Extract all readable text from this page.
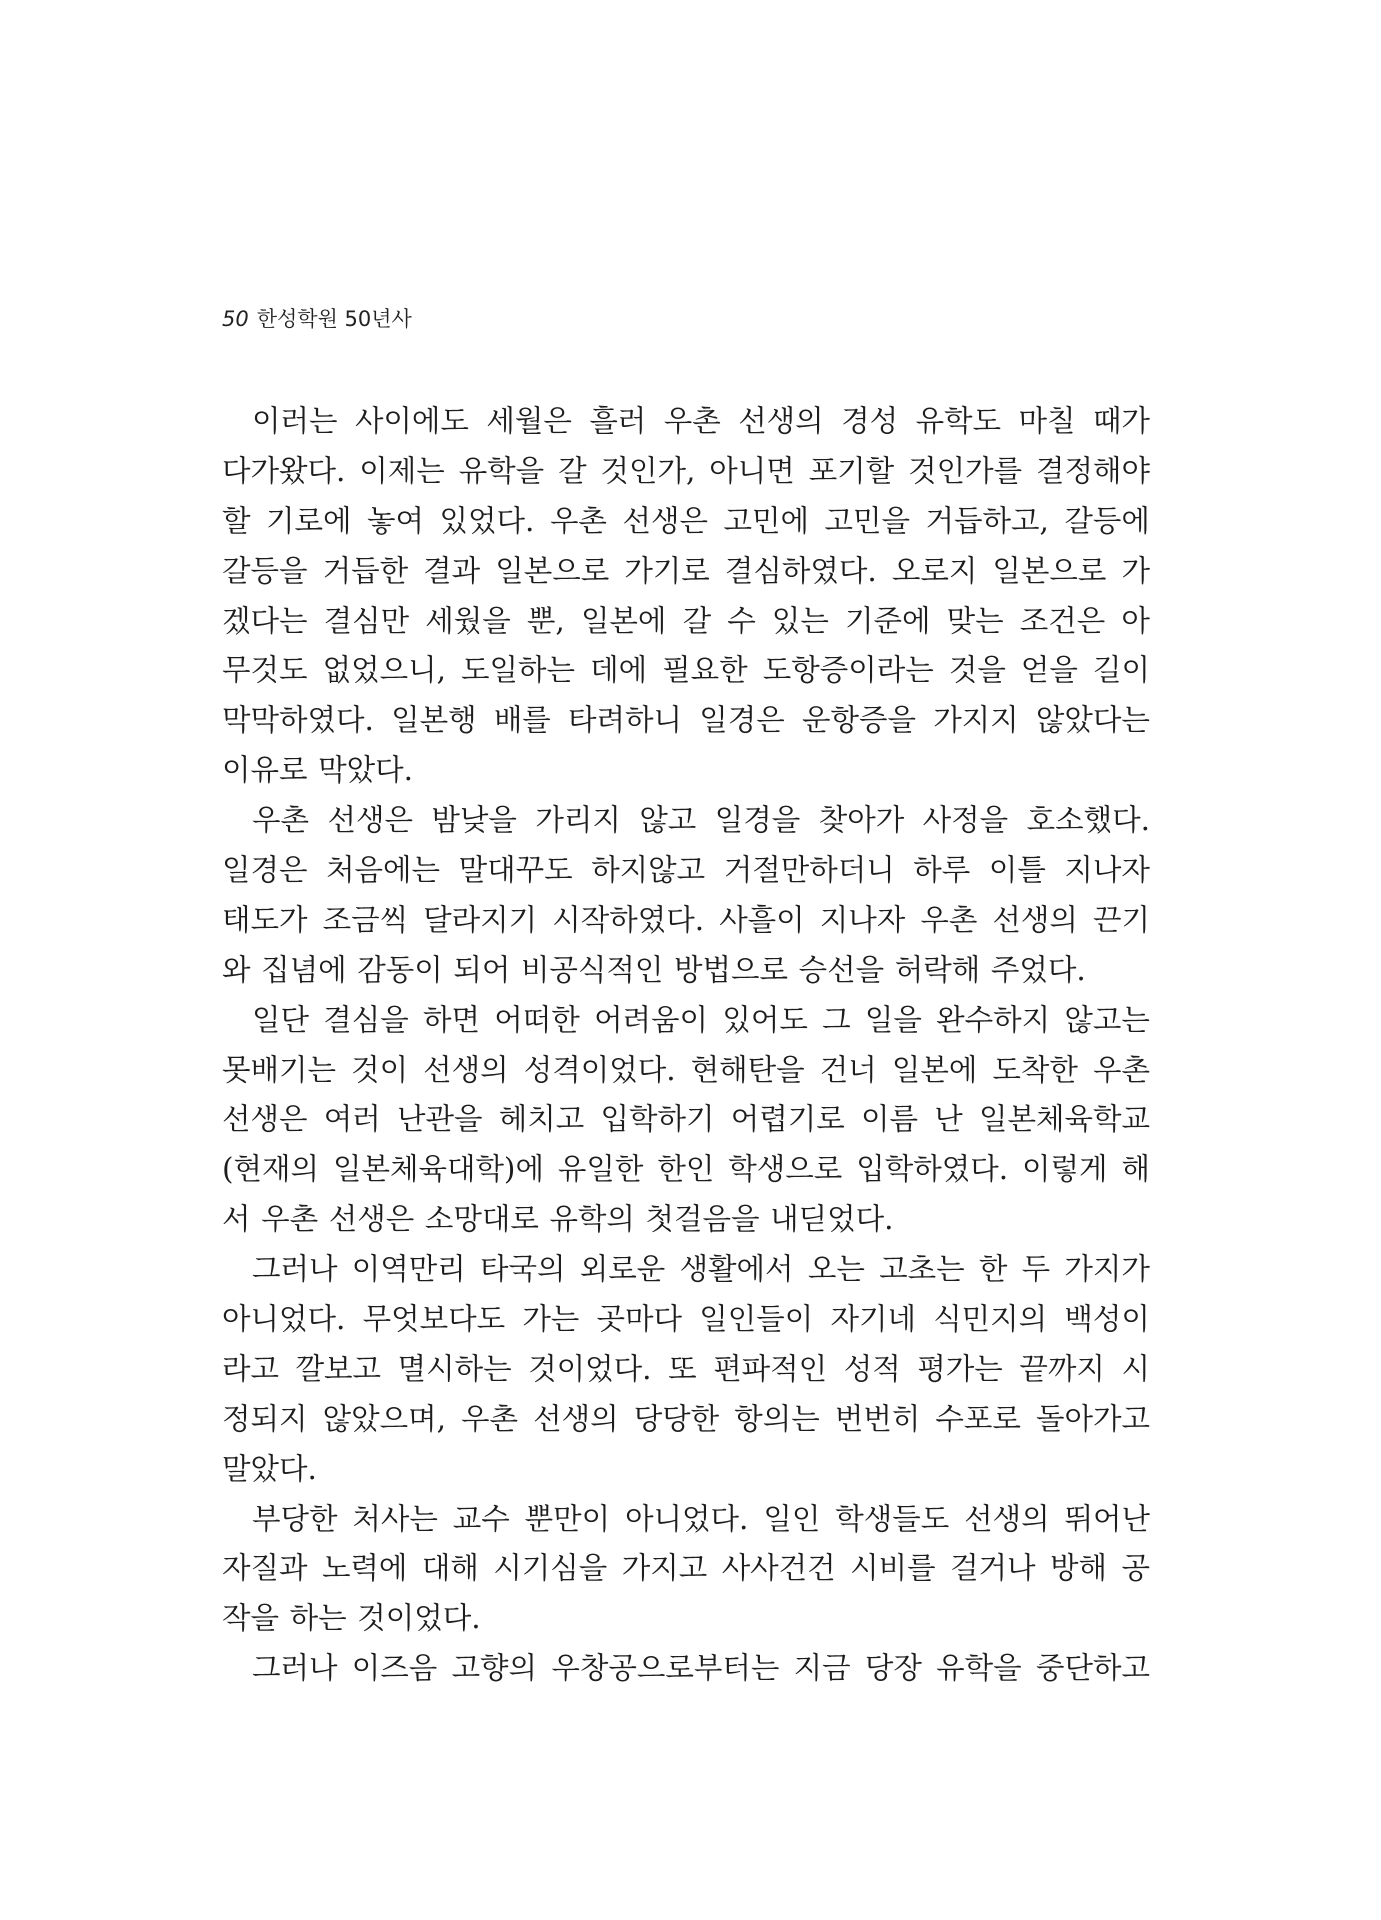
50 한성학원 50년사
이러는 사이에도 세월은 흘러 우촌 선생의 경성 유학도 마칠 때가
다가왔다. 이제는 유학을 갈 것인가, 아니면 포기할 것인가를 결정해야
할 기로에 놓여 있었다. 우촌 선생은 고민에 고민을 거듭하고, 갈등에
갈등을 거듭한 결과 일본으로 가기로 결심하였다. 오로지 일본으로 가
겠다는 결심만 세웠을 뿐, 일본에 갈 수 있는 기준에 맞는 조건은 아
무것도 없었으니, 도일하는 데에 필요한 도항증이라는 것을 얻을 길이
막막하였다. 일본행 배를 타려하니 일경은 운항증을 가지지 않았다는
이유로 막았다.
우촌 선생은 밤낮을 가리지 않고 일경을 찾아가 사정을 호소했다.
일경은 처음에는 말대꾸도 하지않고 거절만하더니 하루 이틀 지나자
태도가 조금씩 달라지기 시작하였다. 사흘이 지나자 우촌 선생의 끈기
와 집념에 감동이 되어 비공식적인 방법으로 승선을 허락해 주었다.
일단 결심을 하면 어떠한 어려움이 있어도 그 일을 완수하지 않고는
못배기는 것이 선생의 성격이었다. 현해탄을 건너 일본에 도착한 우촌
선생은 여러 난관을 헤치고 입학하기 어렵기로 이름 난 일본체육학교
(현재의 일본체육대학)에 유일한 한인 학생으로 입학하였다. 이렇게 해
서 우촌 선생은 소망대로 유학의 첫걸음을 내딛었다.
그러나 이역만리 타국의 외로운 생활에서 오는 고초는 한 두 가지가
아니었다. 무엇보다도 가는 곳마다 일인들이 자기네 식민지의 백성이
라고 깔보고 멸시하는 것이었다. 또 편파적인 성적 평가는 끝까지 시
정되지 않았으며, 우촌 선생의 당당한 항의는 번번히 수포로 돌아가고
말았다.
부당한 처사는 교수 뿐만이 아니었다. 일인 학생들도 선생의 뛰어난
자질과 노력에 대해 시기심을 가지고 사사건건 시비를 걸거나 방해 공
작을 하는 것이었다.
그러나 이즈음 고향의 우창공으로부터는 지금 당장 유학을 중단하고
